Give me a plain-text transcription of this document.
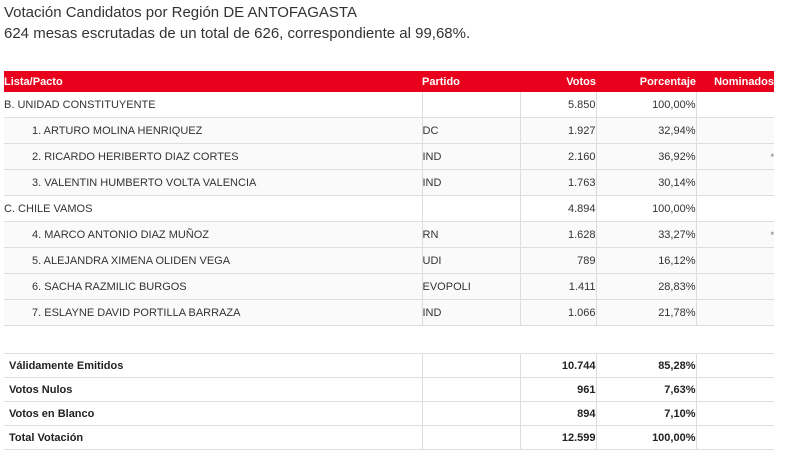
Votación Candidatos por Región DE ANTOFAGASTA
624 mesas escrutadas de un total de 626, correspondiente al 99,68%.
Lista/Pacto	Partido	Votos	Porcentaje	Nominados
B. UNIDAD CONSTITUYENTE		5.850	100,00%	
1. ARTURO MOLINA HENRIQUEZ	DC	1.927	32,94%	
2. RICARDO HERIBERTO DIAZ CORTES	IND	2.160	36,92%	*
3. VALENTIN HUMBERTO VOLTA VALENCIA	IND	1.763	30,14%	
C. CHILE VAMOS		4.894	100,00%	
4. MARCO ANTONIO DIAZ MUÑOZ	RN	1.628	33,27%	*
5. ALEJANDRA XIMENA OLIDEN VEGA	UDI	789	16,12%	
6. SACHA RAZMILIC BURGOS	EVOPOLI	1.411	28,83%	
7. ESLAYNE DAVID PORTILLA BARRAZA	IND	1.066	21,78%	

Válidamente Emitidos		10.744	85,28%	
Votos Nulos		961	7,63%	
Votos en Blanco		894	7,10%	
Total Votación		12.599	100,00%	
